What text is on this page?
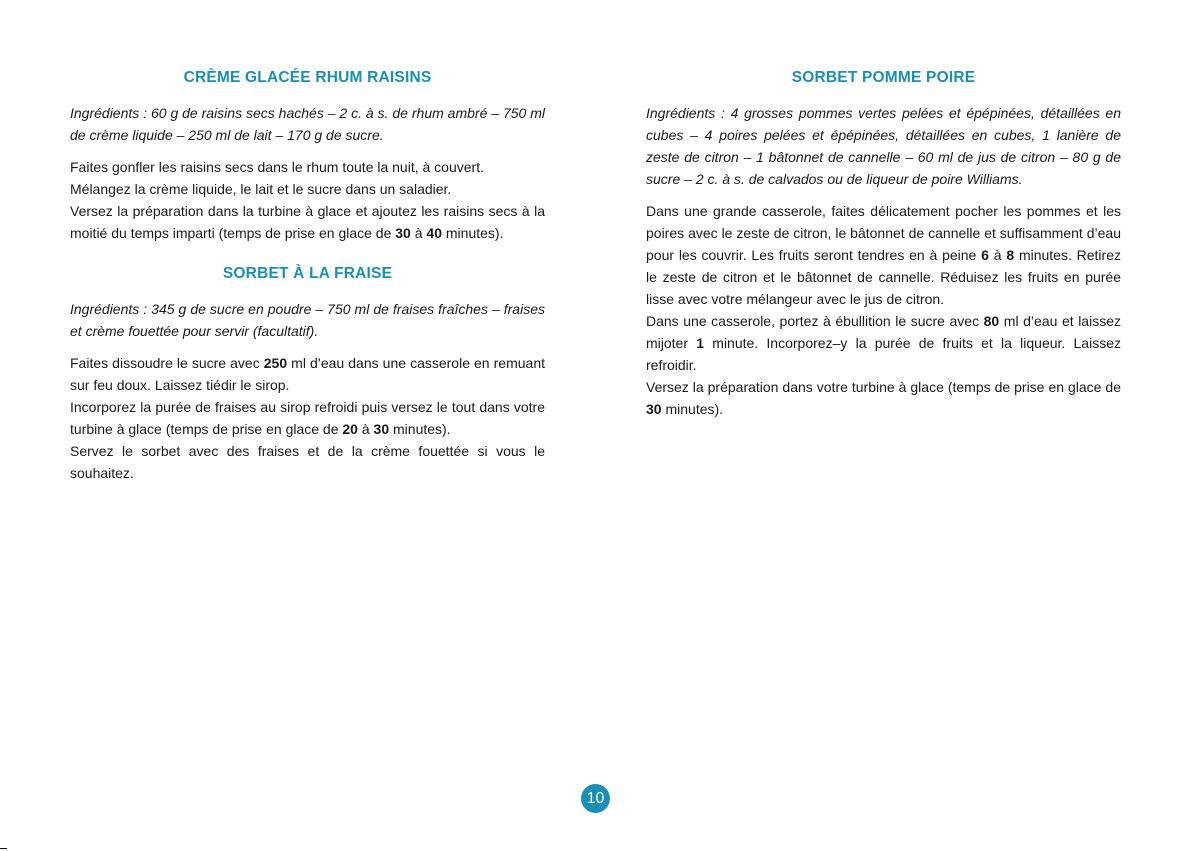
CRÈME GLACÉE RHUM RAISINS

Ingrédients : 60 g de raisins secs hachés – 2 c. à s. de rhum ambré – 750 ml de crème liquide – 250 ml de lait – 170 g de sucre.

Faites gonfler les raisins secs dans le rhum toute la nuit, à couvert.

Mélangez la crème liquide, le lait et le sucre dans un saladier.

Versez la préparation dans la turbine à glace et ajoutez les raisins secs à la moitié du temps imparti (temps de prise en glace de 30 à 40 minutes).

SORBET À LA FRAISE

Ingrédients : 345 g de sucre en poudre – 750 ml de fraises fraîches – fraises et crème fouettée pour servir (facultatif).

Faites dissoudre le sucre avec 250 ml d’eau dans une casserole en remuant sur feu doux. Laissez tiédir le sirop.

Incorporez la purée de fraises au sirop refroidi puis versez le tout dans votre turbine à glace (temps de prise en glace de 20 à 30 minutes).

Servez le sorbet avec des fraises et de la crème fouettée si vous le souhaitez.

SORBET POMME POIRE

Ingrédients : 4 grosses pommes vertes pelées et épépinées, détaillées en cubes – 4 poires pelées et épépinées, détaillées en cubes, 1 lanière de zeste de citron – 1 bâtonnet de cannelle – 60 ml de jus de citron – 80 g de sucre – 2 c. à s. de calvados ou de liqueur de poire Williams.

Dans une grande casserole, faites délicatement pocher les pommes et les poires avec le zeste de citron, le bâtonnet de cannelle et suffisamment d’eau pour les couvrir. Les fruits seront tendres en à peine 6 à 8 minutes. Retirez le zeste de citron et le bâtonnet de cannelle. Réduisez les fruits en purée lisse avec votre mélangeur avec le jus de citron.

Dans une casserole, portez à ébullition le sucre avec 80 ml d’eau et laissez mijoter 1 minute. Incorporez–y la purée de fruits et la liqueur. Laissez refroidir.

Versez la préparation dans votre turbine à glace (temps de prise en glace de 30 minutes).

10
